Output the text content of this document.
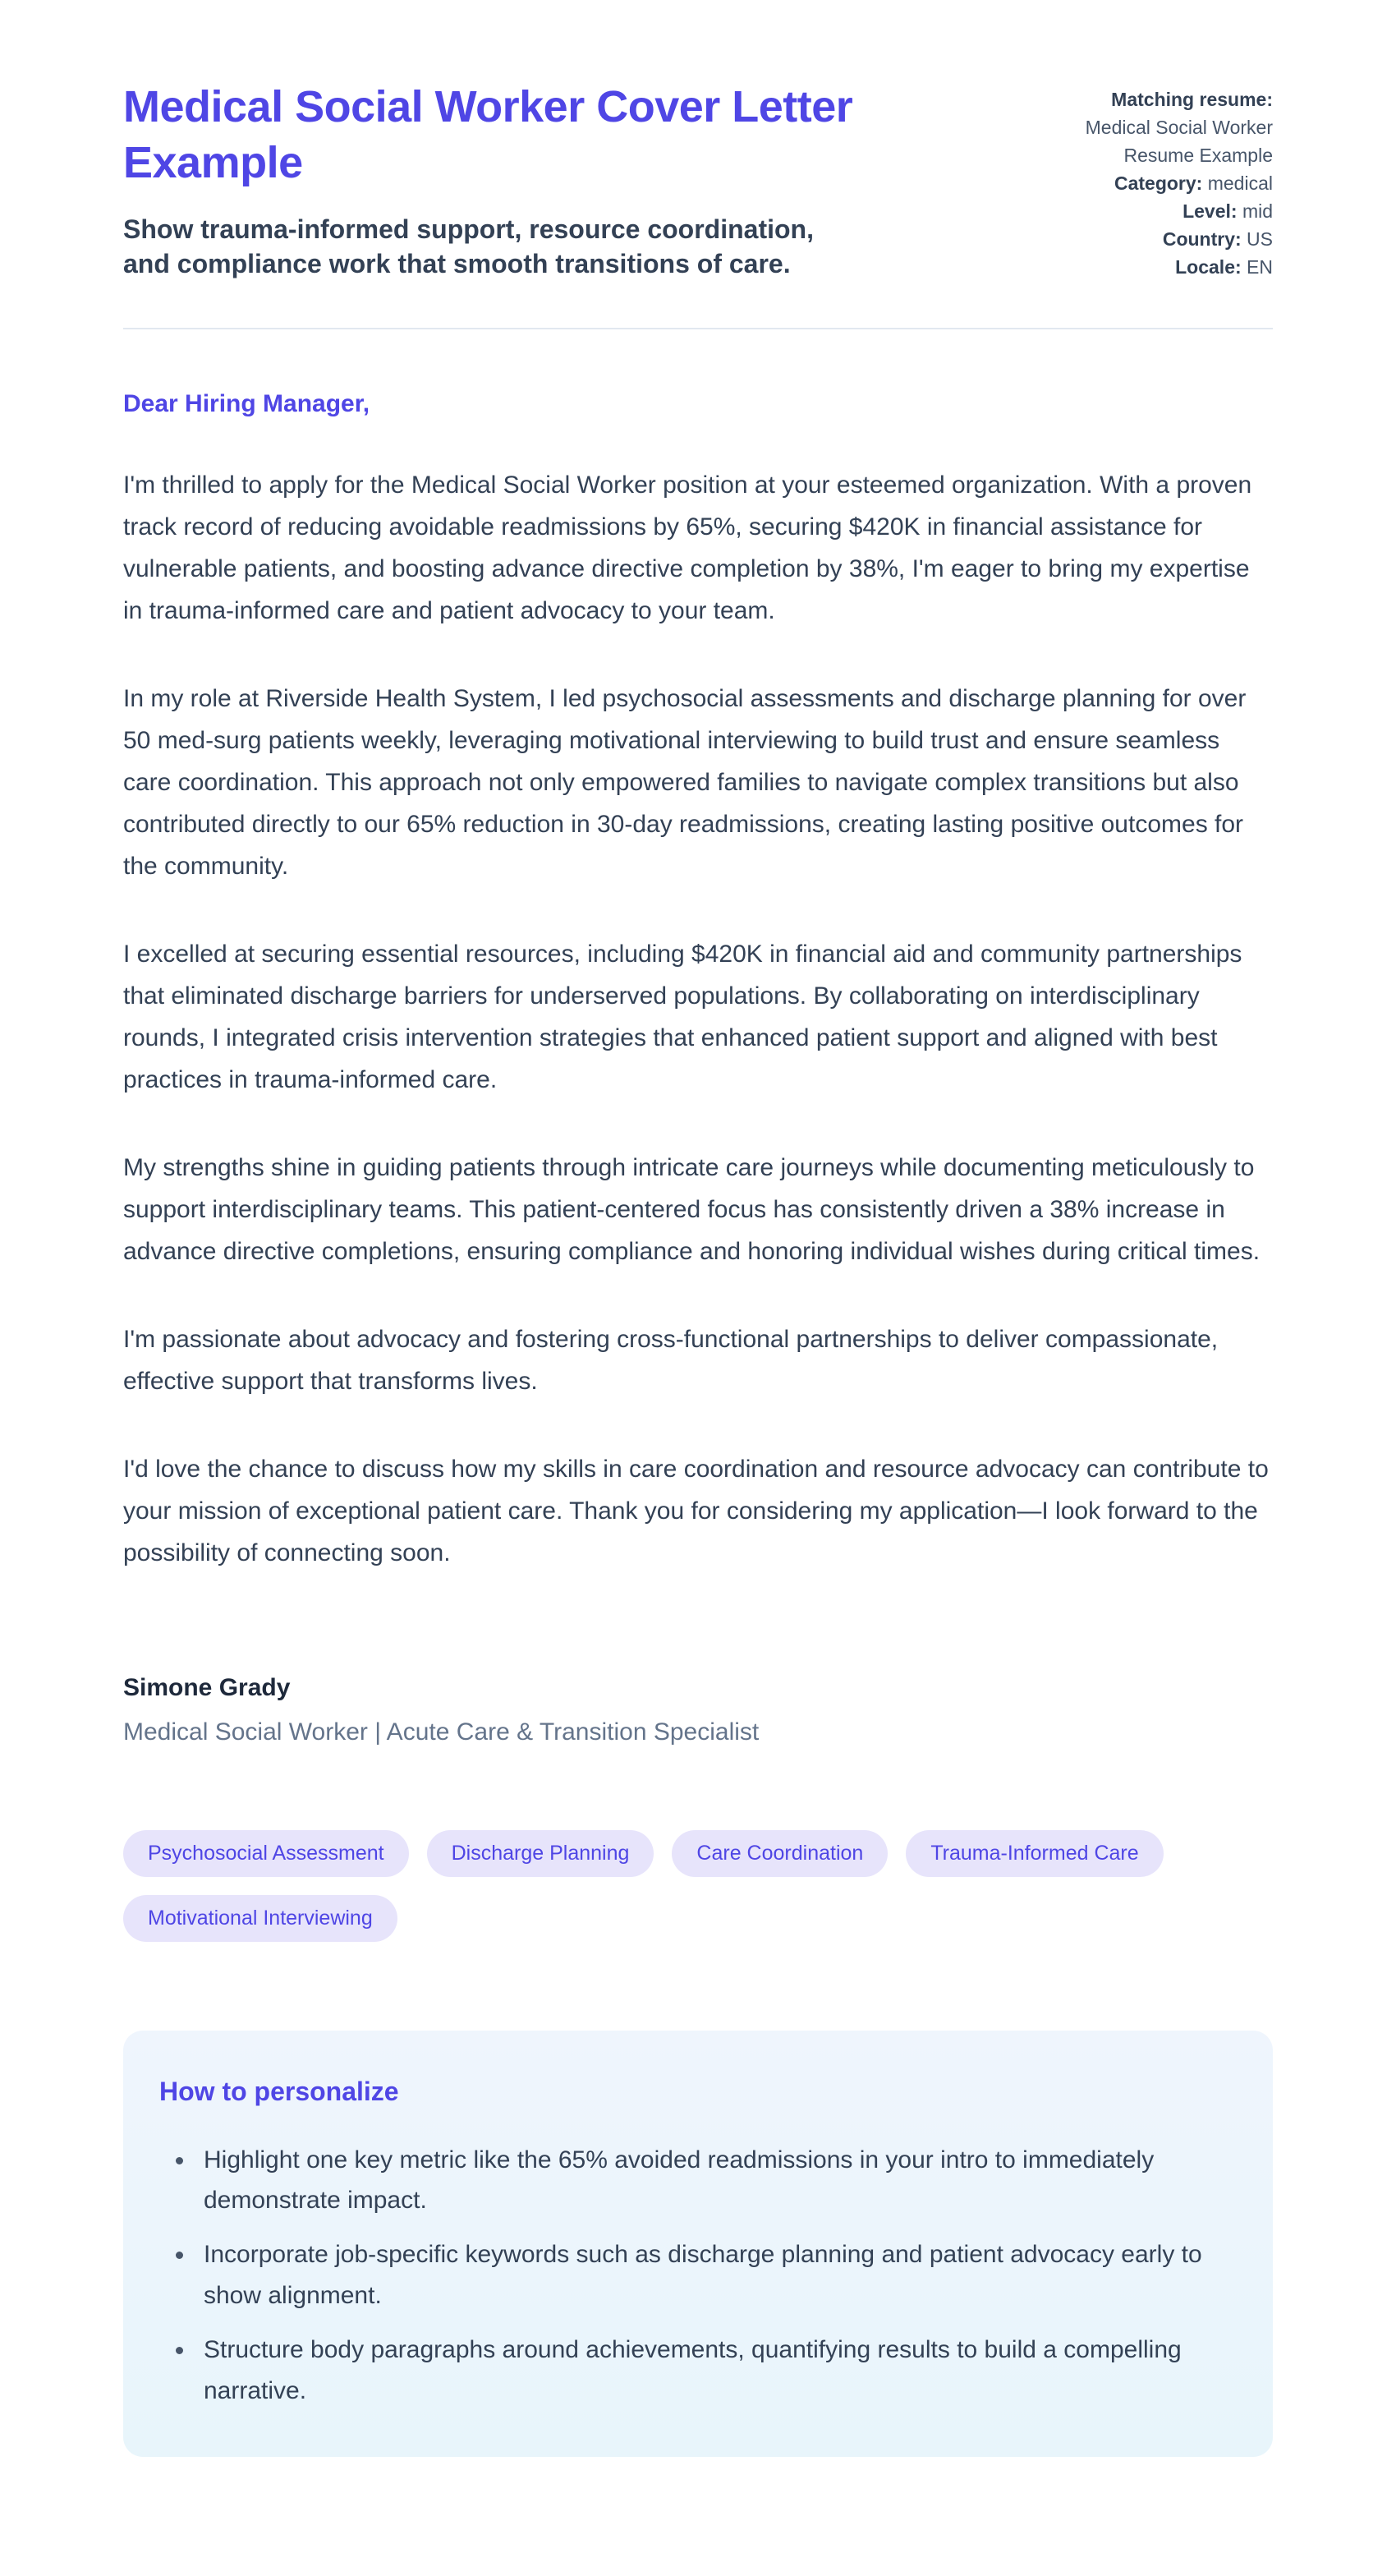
Medical Social Worker Cover Letter Example
Show trauma-informed support, resource coordination, and compliance work that smooth transitions of care.
Matching resume:
Medical Social Worker Resume Example
Category: medical
Level: mid
Country: US
Locale: EN

Dear Hiring Manager,

I'm thrilled to apply for the Medical Social Worker position at your esteemed organization. With a proven track record of reducing avoidable readmissions by 65%, securing $420K in financial assistance for vulnerable patients, and boosting advance directive completion by 38%, I'm eager to bring my expertise in trauma-informed care and patient advocacy to your team.

In my role at Riverside Health System, I led psychosocial assessments and discharge planning for over 50 med-surg patients weekly, leveraging motivational interviewing to build trust and ensure seamless care coordination. This approach not only empowered families to navigate complex transitions but also contributed directly to our 65% reduction in 30-day readmissions, creating lasting positive outcomes for the community.

I excelled at securing essential resources, including $420K in financial aid and community partnerships that eliminated discharge barriers for underserved populations. By collaborating on interdisciplinary rounds, I integrated crisis intervention strategies that enhanced patient support and aligned with best practices in trauma-informed care.

My strengths shine in guiding patients through intricate care journeys while documenting meticulously to support interdisciplinary teams. This patient-centered focus has consistently driven a 38% increase in advance directive completions, ensuring compliance and honoring individual wishes during critical times.

I'm passionate about advocacy and fostering cross-functional partnerships to deliver compassionate, effective support that transforms lives.

I'd love the chance to discuss how my skills in care coordination and resource advocacy can contribute to your mission of exceptional patient care. Thank you for considering my application—I look forward to the possibility of connecting soon.

Simone Grady

Medical Social Worker | Acute Care & Transition Specialist

Psychosocial Assessment	Discharge Planning	Care Coordination	Trauma-Informed Care
Motivational Interviewing
How to personalize
• Highlight one key metric like the 65% avoided readmissions in your intro to immediately demonstrate impact.
• Incorporate job-specific keywords such as discharge planning and patient advocacy early to show alignment.
• Structure body paragraphs around achievements, quantifying results to build a compelling narrative.
